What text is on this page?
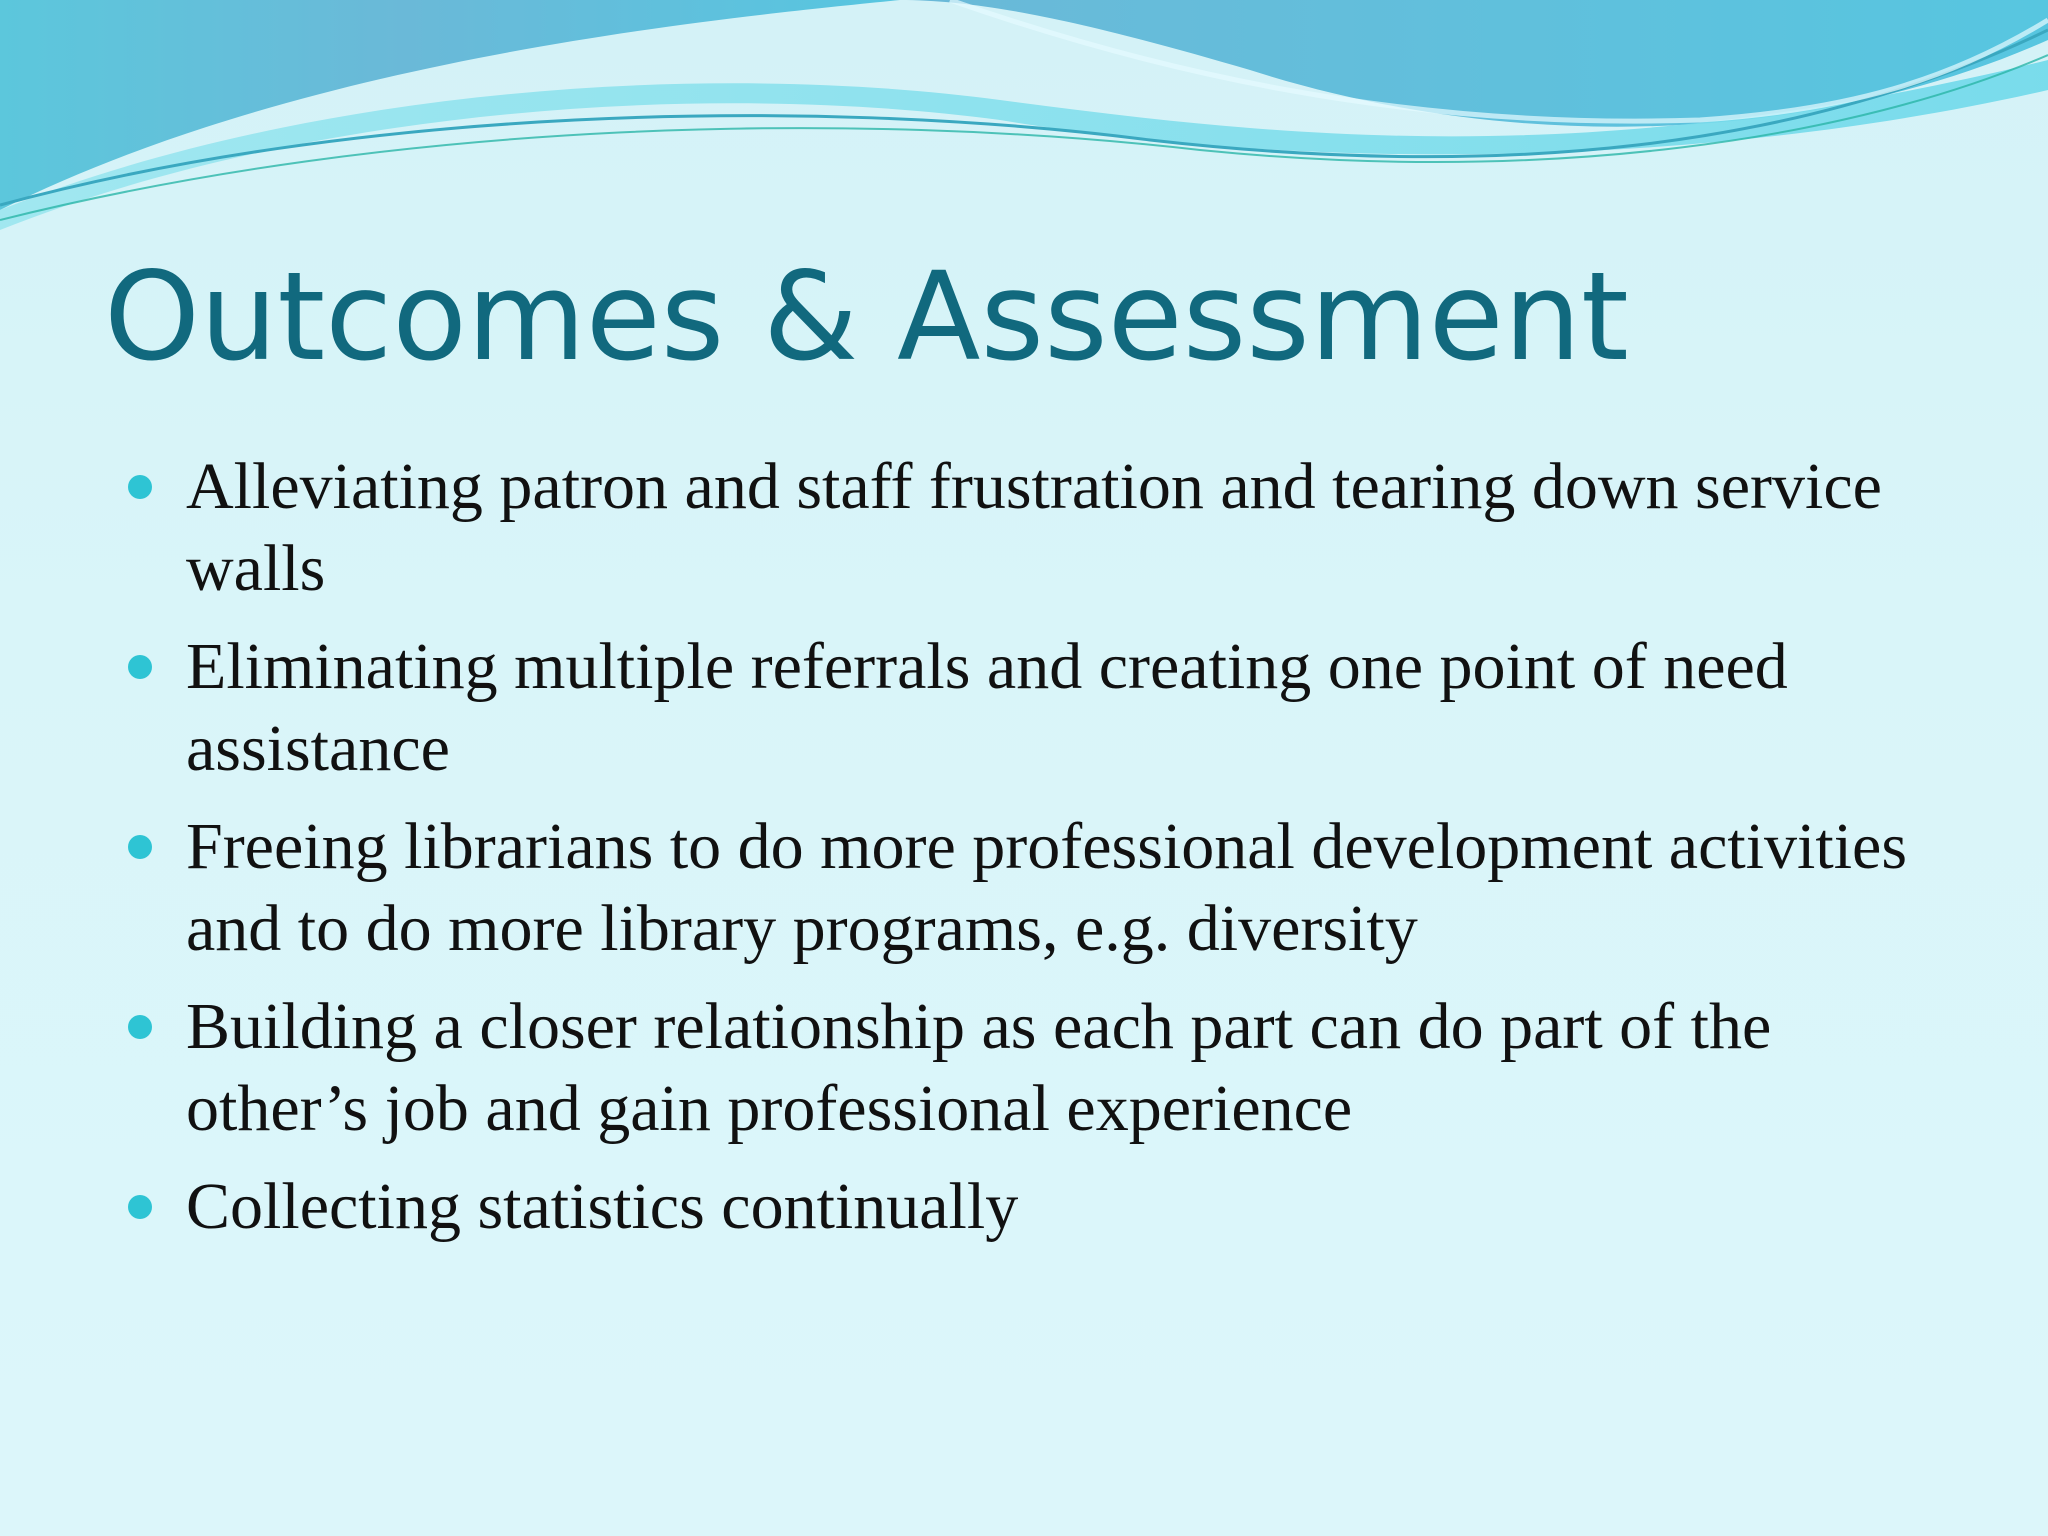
Outcomes & Assessment
Alleviating patron and staff frustration and tearing down service walls
Eliminating multiple referrals and creating one point of need assistance
Freeing librarians to do more professional development activities and to do more library programs, e.g. diversity
Building a closer relationship as each part can do part of the other’s job and gain professional experience
Collecting statistics continually
